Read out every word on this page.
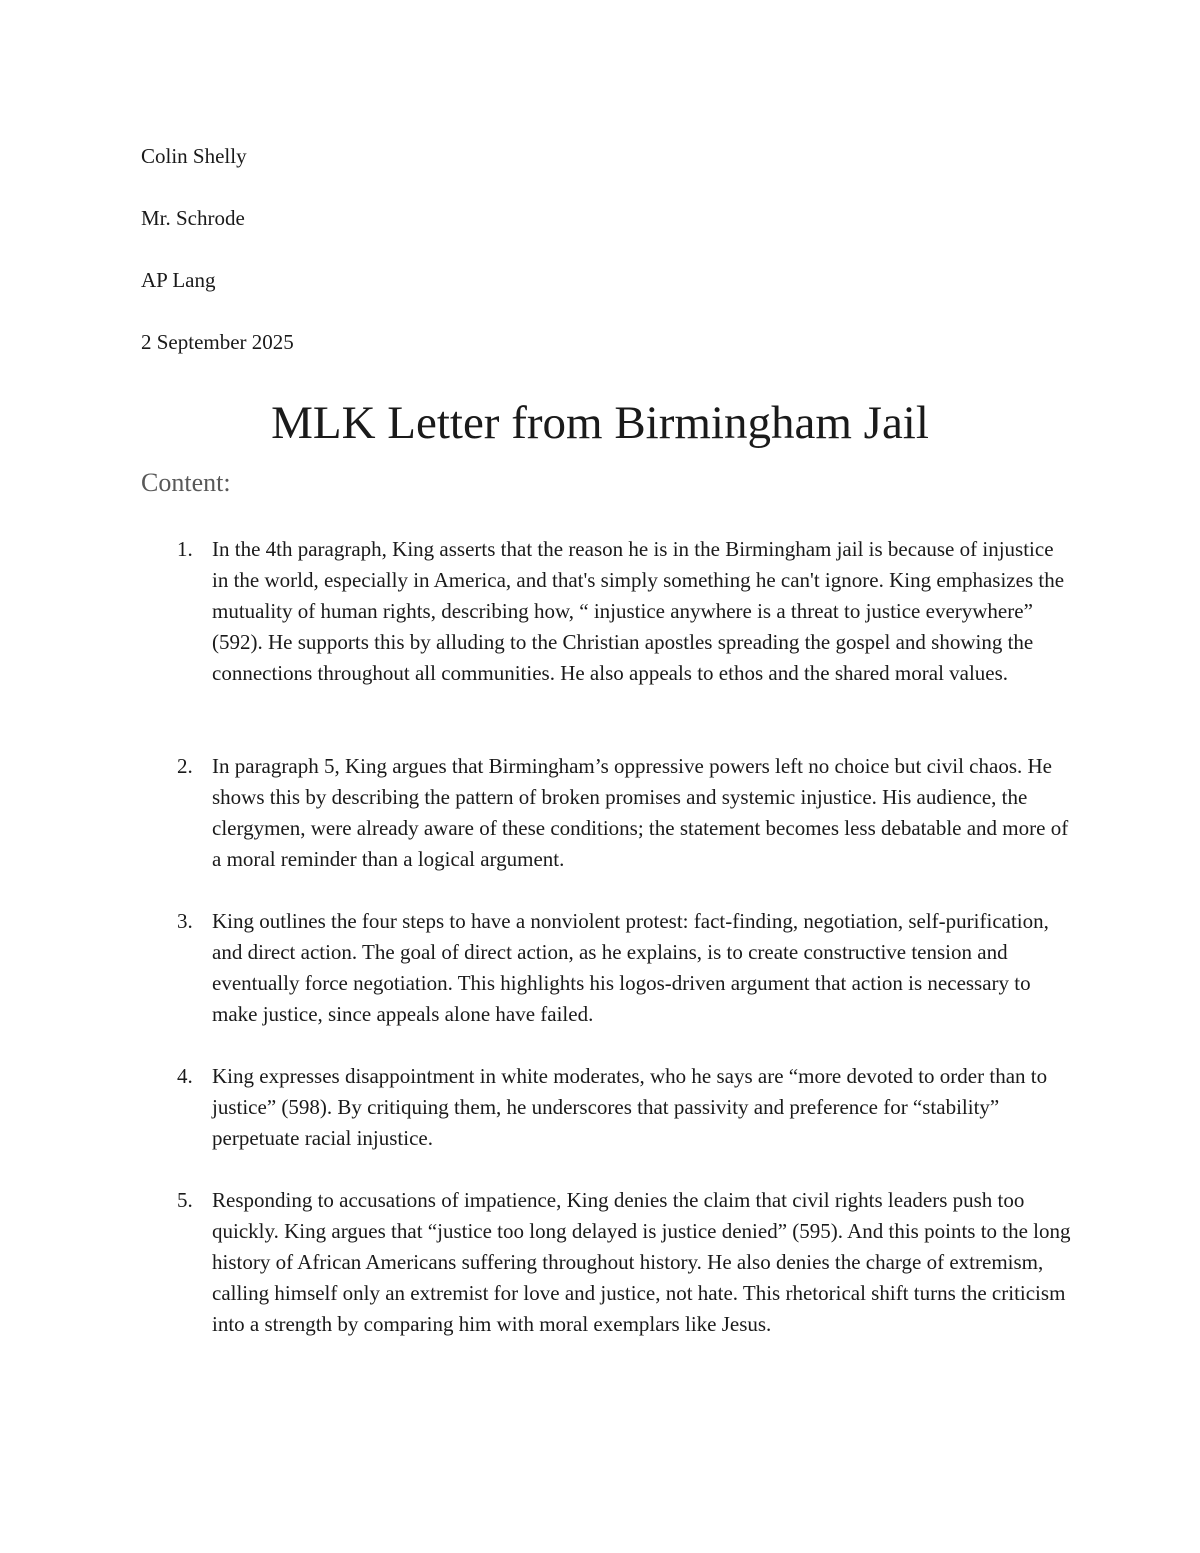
Colin Shelly
Mr. Schrode
AP Lang
2 September 2025
MLK Letter from Birmingham Jail
Content:
1. In the 4th paragraph, King asserts that the reason he is in the Birmingham jail is because of injustice in the world, especially in America, and that's simply something he can't ignore. King emphasizes the mutuality of human rights, describing how, “ injustice anywhere is a threat to justice everywhere” (592). He supports this by alluding to the Christian apostles spreading the gospel and showing the connections throughout all communities. He also appeals to ethos and the shared moral values.
2. In paragraph 5, King argues that Birmingham’s oppressive powers left no choice but civil chaos. He shows this by describing the pattern of broken promises and systemic injustice. His audience, the clergymen, were already aware of these conditions; the statement becomes less debatable and more of a moral reminder than a logical argument.
3. King outlines the four steps to have a nonviolent protest: fact-finding, negotiation, self-purification, and direct action. The goal of direct action, as he explains, is to create constructive tension and eventually force negotiation. This highlights his logos-driven argument that action is necessary to make justice, since appeals alone have failed.
4. King expresses disappointment in white moderates, who he says are “more devoted to order than to justice” (598). By critiquing them, he underscores that passivity and preference for “stability” perpetuate racial injustice.
5. Responding to accusations of impatience, King denies the claim that civil rights leaders push too quickly. King argues that “justice too long delayed is justice denied” (595). And this points to the long history of African Americans suffering throughout history. He also denies the charge of extremism, calling himself only an extremist for love and justice, not hate. This rhetorical shift turns the criticism into a strength by comparing him with moral exemplars like Jesus.
